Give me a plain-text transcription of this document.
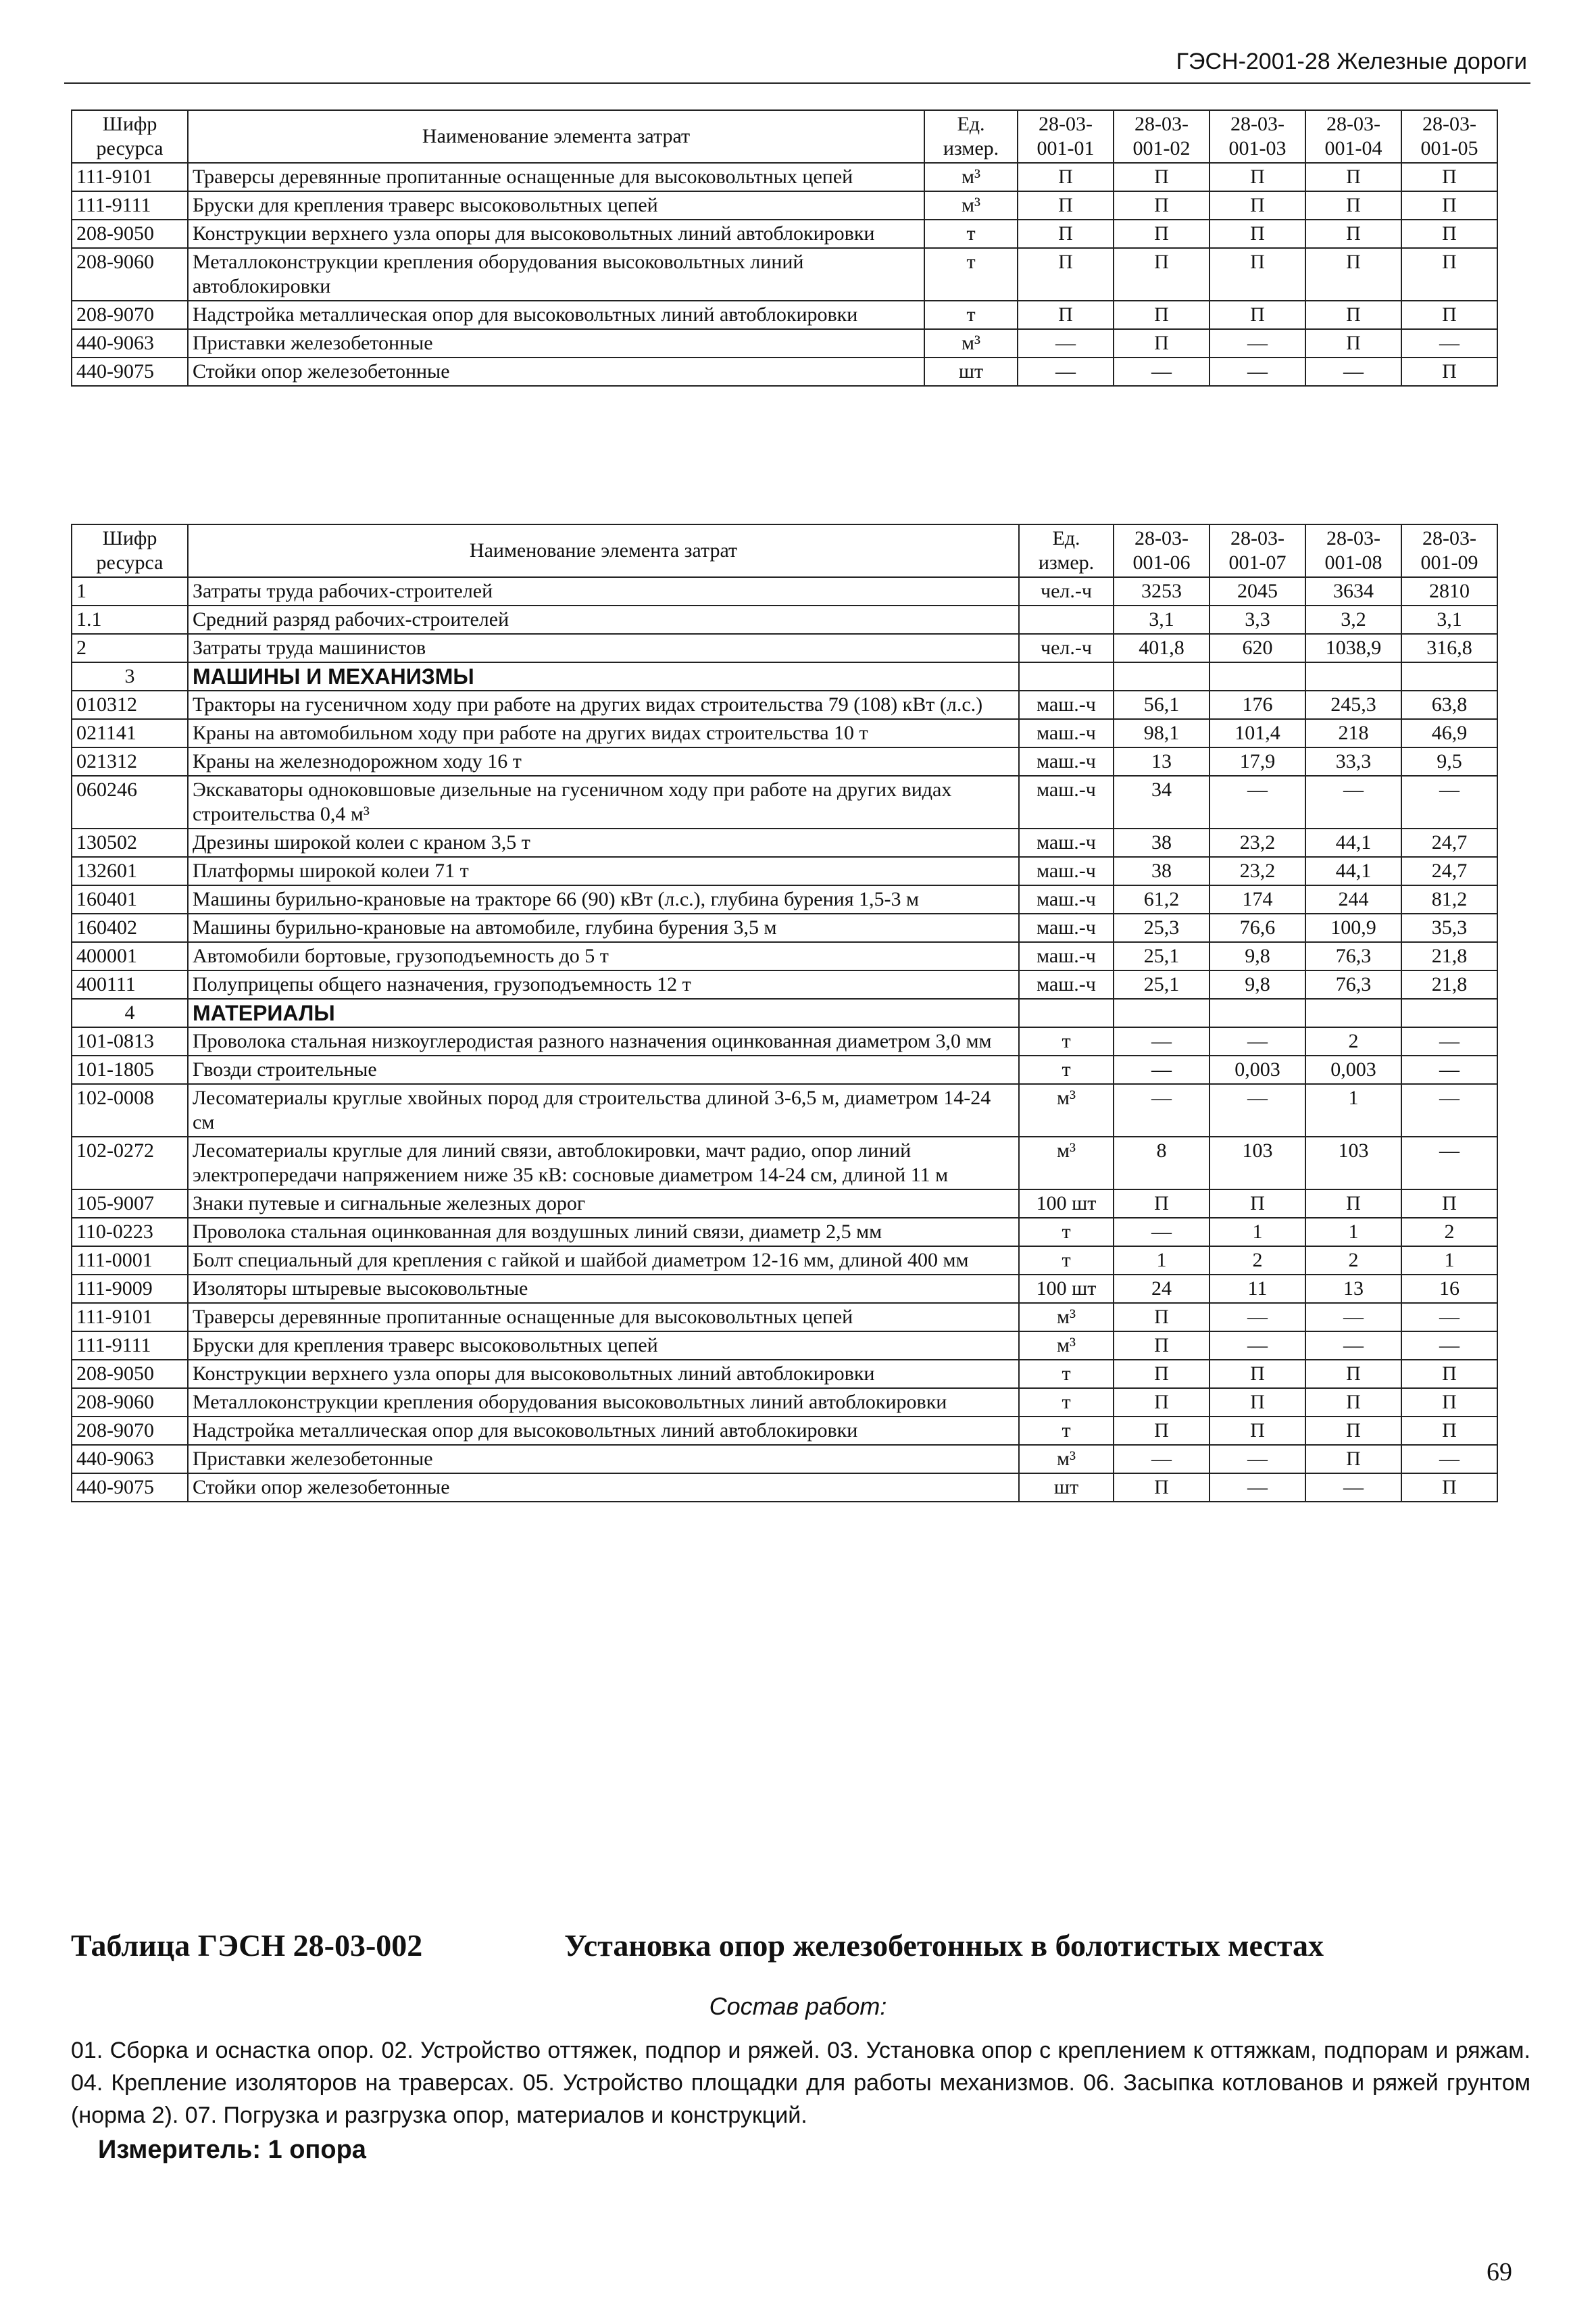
ГЭСН-2001-28 Железные дороги
Шифр ресурса	Наименование элемента затрат	Ед. измер.	28-03-001-01	28-03-001-02	28-03-001-03	28-03-001-04	28-03-001-05
111-9101	Траверсы деревянные пропитанные оснащенные для высоковольтных цепей	м³	П	П	П	П	П
111-9111	Бруски для крепления траверс высоковольтных цепей	м³	П	П	П	П	П
208-9050	Конструкции верхнего узла опоры для высоковольтных линий автоблокировки	т	П	П	П	П	П
208-9060	Металлоконструкции крепления оборудования высоковольтных линий автоблокировки	т	П	П	П	П	П
208-9070	Надстройка металлическая опор для высоковольтных линий автоблокировки	т	П	П	П	П	П
440-9063	Приставки железобетонные	м³	—	П	—	П	—
440-9075	Стойки опор железобетонные	шт	—	—	—	—	П
Шифр ресурса	Наименование элемента затрат	Ед. измер.	28-03-001-06	28-03-001-07	28-03-001-08	28-03-001-09
1	Затраты труда рабочих-строителей	чел.-ч	3253	2045	3634	2810
1.1	Средний разряд рабочих-строителей		3,1	3,3	3,2	3,1
2	Затраты труда машинистов	чел.-ч	401,8	620	1038,9	316,8
3	МАШИНЫ И МЕХАНИЗМЫ					
010312	Тракторы на гусеничном ходу при работе на других видах строительства 79 (108) кВт (л.с.)	маш.-ч	56,1	176	245,3	63,8
021141	Краны на автомобильном ходу при работе на других видах строительства 10 т	маш.-ч	98,1	101,4	218	46,9
021312	Краны на железнодорожном ходу 16 т	маш.-ч	13	17,9	33,3	9,5
060246	Экскаваторы одноковшовые дизельные на гусеничном ходу при работе на других видах строительства 0,4 м³	маш.-ч	34	—	—	—
130502	Дрезины широкой колеи с краном 3,5 т	маш.-ч	38	23,2	44,1	24,7
132601	Платформы широкой колеи 71 т	маш.-ч	38	23,2	44,1	24,7
160401	Машины бурильно-крановые на тракторе 66 (90) кВт (л.с.), глубина бурения 1,5-3 м	маш.-ч	61,2	174	244	81,2
160402	Машины бурильно-крановые на автомобиле, глубина бурения 3,5 м	маш.-ч	25,3	76,6	100,9	35,3
400001	Автомобили бортовые, грузоподъемность до 5 т	маш.-ч	25,1	9,8	76,3	21,8
400111	Полуприцепы общего назначения, грузоподъемность 12 т	маш.-ч	25,1	9,8	76,3	21,8
4	МАТЕРИАЛЫ					
101-0813	Проволока стальная низкоуглеродистая разного назначения оцинкованная диаметром 3,0 мм	т	—	—	2	—
101-1805	Гвозди строительные	т	—	0,003	0,003	—
102-0008	Лесоматериалы круглые хвойных пород для строительства длиной 3-6,5 м, диаметром 14-24 см	м³	—	—	1	—
102-0272	Лесоматериалы круглые для линий связи, автоблокировки, мачт радио, опор линий электропередачи напряжением ниже 35 кВ: сосновые диаметром 14-24 см, длиной 11 м	м³	8	103	103	—
105-9007	Знаки путевые и сигнальные железных дорог	100 шт	П	П	П	П
110-0223	Проволока стальная оцинкованная для воздушных линий связи, диаметр 2,5 мм	т	—	1	1	2
111-0001	Болт специальный для крепления с гайкой и шайбой диаметром 12-16 мм, длиной 400 мм	т	1	2	2	1
111-9009	Изоляторы штыревые высоковольтные	100 шт	24	11	13	16
111-9101	Траверсы деревянные пропитанные оснащенные для высоковольтных цепей	м³	П	—	—	—
111-9111	Бруски для крепления траверс высоковольтных цепей	м³	П	—	—	—
208-9050	Конструкции верхнего узла опоры для высоковольтных линий автоблокировки	т	П	П	П	П
208-9060	Металлоконструкции крепления оборудования высоковольтных линий автоблокировки	т	П	П	П	П
208-9070	Надстройка металлическая опор для высоковольтных линий автоблокировки	т	П	П	П	П
440-9063	Приставки железобетонные	м³	—	—	П	—
440-9075	Стойки опор железобетонные	шт	П	—	—	П
Таблица ГЭСН 28-03-002	Установка опор железобетонных в болотистых местах
Состав работ:
01. Сборка и оснастка опор. 02. Устройство оттяжек, подпор и ряжей. 03. Установка опор с креплением к оттяжкам, подпорам и ряжам. 04. Крепление изоляторов на траверсах. 05. Устройство площадки для работы механизмов. 06. Засыпка котлованов и ряжей грунтом (норма 2). 07. Погрузка и разгрузка опор, материалов и конструкций.
Измеритель: 1 опора
69
